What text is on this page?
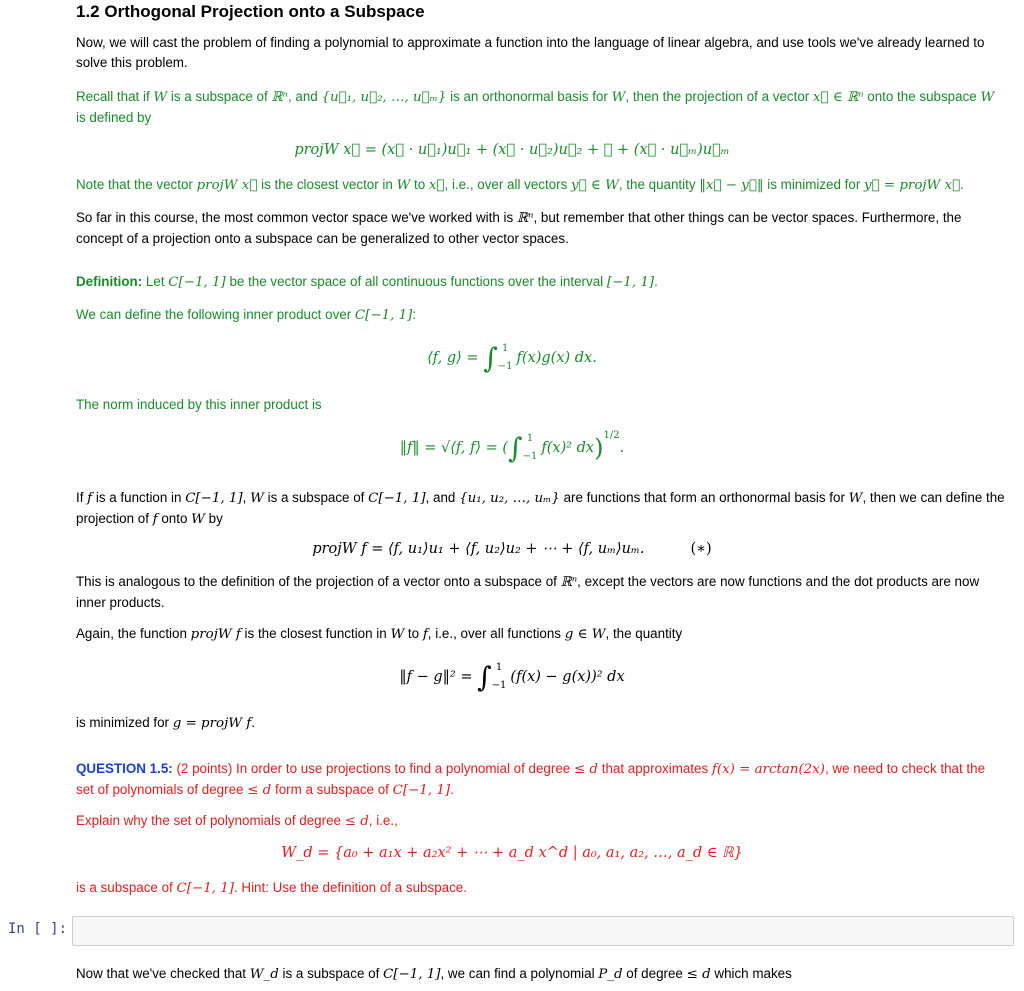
1.2 Orthogonal Projection onto a Subspace
Now, we will cast the problem of finding a polynomial to approximate a function into the language of linear algebra, and use tools we've already learned to solve this problem.
Recall that if W is a subspace of ℝⁿ, and {u⃗₁, u⃗₂, …, u⃗ₘ} is an orthonormal basis for W, then the projection of a vector x⃗ ∈ ℝⁿ onto the subspace W is defined by
projW x⃗ = (x⃗ · u⃗₁)u⃗₁ + (x⃗ · u⃗₂)u⃗₂ + ⋯ + (x⃗ · u⃗ₘ)u⃗ₘ
Note that the vector projW x⃗ is the closest vector in W to x⃗, i.e., over all vectors y⃗ ∈ W, the quantity ‖x⃗ − y⃗‖ is minimized for y⃗ = projW x⃗.
So far in this course, the most common vector space we've worked with is ℝⁿ, but remember that other things can be vector spaces. Furthermore, the concept of a projection onto a subspace can be generalized to other vector spaces.
Definition: Let C[−1, 1] be the vector space of all continuous functions over the interval [−1, 1].
We can define the following inner product over C[−1, 1]:
⟨f, g⟩ = ∫ 1
−1
f(x)g(x) dx.
The norm induced by this inner product is
‖f‖ = √⟨f, f⟩ = (∫ 1
−1
f(x)² dx)$^{1/2}$.
If f is a function in C[−1, 1], W is a subspace of C[−1, 1], and {u₁, u₂, …, uₘ} are functions that form an orthonormal basis for W, then we can define the projection of f onto W by
projW f = ⟨f, u₁⟩u₁ + ⟨f, u₂⟩u₂ + ⋯ + ⟨f, uₘ⟩uₘ.	(∗)
This is analogous to the definition of the projection of a vector onto a subspace of ℝⁿ, except the vectors are now functions and the dot products are now inner products.
Again, the function projW f is the closest function in W to f, i.e., over all functions g ∈ W, the quantity
‖f − g‖² = ∫ 1
−1
(f(x) − g(x))² dx
is minimized for g = projW f.
QUESTION 1.5: (2 points) In order to use projections to find a polynomial of degree ≤ d that approximates f(x) = arctan(2x), we need to check that the set of polynomials of degree ≤ d form a subspace of C[−1, 1].
Explain why the set of polynomials of degree ≤ d, i.e.,
W_d = {a₀ + a₁x + a₂x² + ⋯ + a_d x^d | a₀, a₁, a₂, …, a_d ∈ ℝ}
is a subspace of C[−1, 1]. Hint: Use the definition of a subspace.
In [ ]:
Now that we've checked that W_d is a subspace of C[−1, 1], we can find a polynomial P_d of degree ≤ d which makes
